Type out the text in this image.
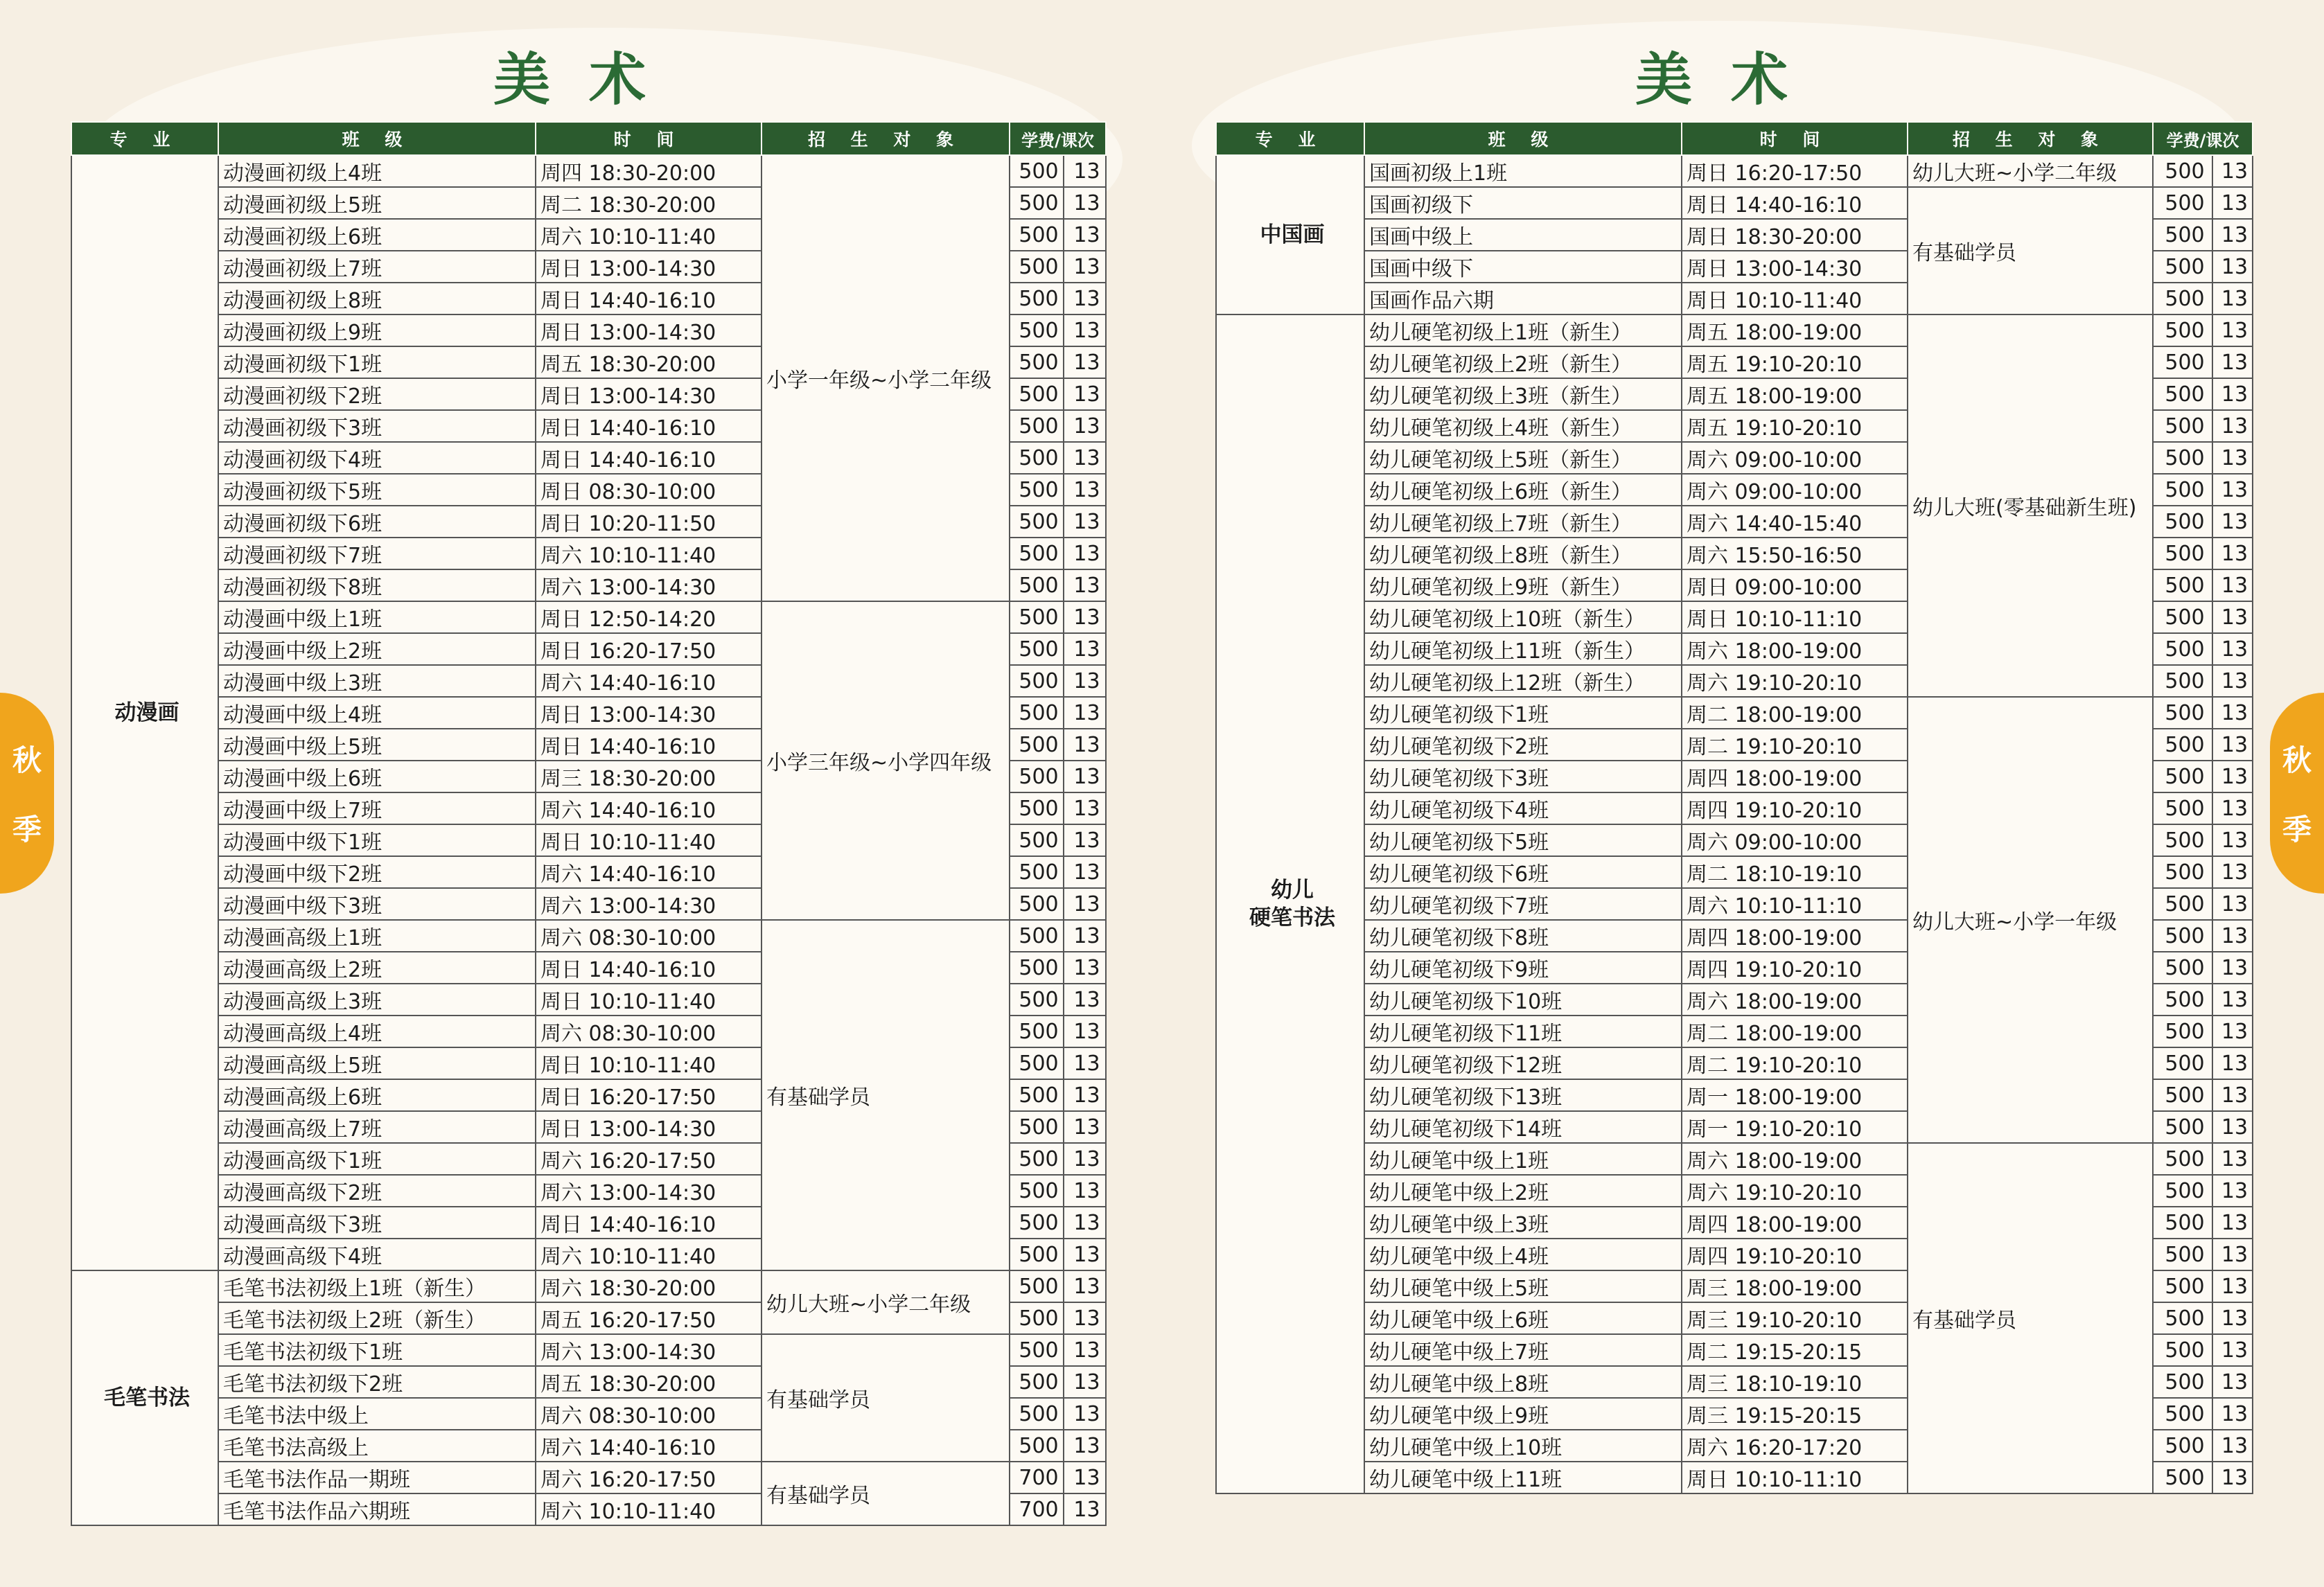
美术	美术
秋
季
秋
季
专 业	班 级	时 间	招 生 对 象	学费/课次	
动漫画	动漫画初级上4班	周四 18:30-20:00	小学一年级~小学二年级	500	13
	动漫画初级上5班	周二 18:30-20:00		500	13
	动漫画初级上6班	周六 10:10-11:40		500	13
	动漫画初级上7班	周日 13:00-14:30		500	13
	动漫画初级上8班	周日 14:40-16:10		500	13
	动漫画初级上9班	周日 13:00-14:30		500	13
	动漫画初级下1班	周五 18:30-20:00		500	13
	动漫画初级下2班	周日 13:00-14:30		500	13
	动漫画初级下3班	周日 14:40-16:10		500	13
	动漫画初级下4班	周日 14:40-16:10		500	13
	动漫画初级下5班	周日 08:30-10:00		500	13
	动漫画初级下6班	周日 10:20-11:50		500	13
	动漫画初级下7班	周六 10:10-11:40		500	13
	动漫画初级下8班	周六 13:00-14:30		500	13
	动漫画中级上1班	周日 12:50-14:20	小学三年级~小学四年级	500	13
	动漫画中级上2班	周日 16:20-17:50		500	13
	动漫画中级上3班	周六 14:40-16:10		500	13
	动漫画中级上4班	周日 13:00-14:30		500	13
	动漫画中级上5班	周日 14:40-16:10		500	13
	动漫画中级上6班	周三 18:30-20:00		500	13
	动漫画中级上7班	周六 14:40-16:10		500	13
	动漫画中级下1班	周日 10:10-11:40		500	13
	动漫画中级下2班	周六 14:40-16:10		500	13
	动漫画中级下3班	周六 13:00-14:30		500	13
	动漫画高级上1班	周六 08:30-10:00	有基础学员	500	13
	动漫画高级上2班	周日 14:40-16:10		500	13
	动漫画高级上3班	周日 10:10-11:40		500	13
	动漫画高级上4班	周六 08:30-10:00		500	13
	动漫画高级上5班	周日 10:10-11:40		500	13
	动漫画高级上6班	周日 16:20-17:50		500	13
	动漫画高级上7班	周日 13:00-14:30		500	13
	动漫画高级下1班	周六 16:20-17:50		500	13
	动漫画高级下2班	周六 13:00-14:30		500	13
	动漫画高级下3班	周日 14:40-16:10		500	13
	动漫画高级下4班	周六 10:10-11:40		500	13
毛笔书法	毛笔书法初级上1班（新生）	周六 18:30-20:00	幼儿大班~小学二年级	500	13
	毛笔书法初级上2班（新生）	周五 16:20-17:50		500	13
	毛笔书法初级下1班	周六 13:00-14:30	有基础学员	500	13
	毛笔书法初级下2班	周五 18:30-20:00		500	13
	毛笔书法中级上	周六 08:30-10:00		500	13
	毛笔书法高级上	周六 14:40-16:10		500	13
	毛笔书法作品一期班	周六 16:20-17:50	有基础学员	700	13
	毛笔书法作品六期班	周六 10:10-11:40		700	13
专 业	班 级	时 间	招 生 对 象	学费/课次	
中国画	国画初级上1班	周日 16:20-17:50	幼儿大班~小学二年级	500	13
	国画初级下	周日 14:40-16:10	有基础学员	500	13
	国画中级上	周日 18:30-20:00		500	13
	国画中级下	周日 13:00-14:30		500	13
	国画作品六期	周日 10:10-11:40		500	13
幼儿
硬笔书法	幼儿硬笔初级上1班（新生）	周五 18:00-19:00	幼儿大班(零基础新生班)	500	13
	幼儿硬笔初级上2班（新生）	周五 19:10-20:10		500	13
	幼儿硬笔初级上3班（新生）	周五 18:00-19:00		500	13
	幼儿硬笔初级上4班（新生）	周五 19:10-20:10		500	13
	幼儿硬笔初级上5班（新生）	周六 09:00-10:00		500	13
	幼儿硬笔初级上6班（新生）	周六 09:00-10:00		500	13
	幼儿硬笔初级上7班（新生）	周六 14:40-15:40		500	13
	幼儿硬笔初级上8班（新生）	周六 15:50-16:50		500	13
	幼儿硬笔初级上9班（新生）	周日 09:00-10:00		500	13
	幼儿硬笔初级上10班（新生）	周日 10:10-11:10		500	13
	幼儿硬笔初级上11班（新生）	周六 18:00-19:00		500	13
	幼儿硬笔初级上12班（新生）	周六 19:10-20:10		500	13
	幼儿硬笔初级下1班	周二 18:00-19:00	幼儿大班~小学一年级	500	13
	幼儿硬笔初级下2班	周二 19:10-20:10		500	13
	幼儿硬笔初级下3班	周四 18:00-19:00		500	13
	幼儿硬笔初级下4班	周四 19:10-20:10		500	13
	幼儿硬笔初级下5班	周六 09:00-10:00		500	13
	幼儿硬笔初级下6班	周二 18:10-19:10		500	13
	幼儿硬笔初级下7班	周六 10:10-11:10		500	13
	幼儿硬笔初级下8班	周四 18:00-19:00		500	13
	幼儿硬笔初级下9班	周四 19:10-20:10		500	13
	幼儿硬笔初级下10班	周六 18:00-19:00		500	13
	幼儿硬笔初级下11班	周二 18:00-19:00		500	13
	幼儿硬笔初级下12班	周二 19:10-20:10		500	13
	幼儿硬笔初级下13班	周一 18:00-19:00		500	13
	幼儿硬笔初级下14班	周一 19:10-20:10		500	13
	幼儿硬笔中级上1班	周六 18:00-19:00	有基础学员	500	13
	幼儿硬笔中级上2班	周六 19:10-20:10		500	13
	幼儿硬笔中级上3班	周四 18:00-19:00		500	13
	幼儿硬笔中级上4班	周四 19:10-20:10		500	13
	幼儿硬笔中级上5班	周三 18:00-19:00		500	13
	幼儿硬笔中级上6班	周三 19:10-20:10		500	13
	幼儿硬笔中级上7班	周二 19:15-20:15		500	13
	幼儿硬笔中级上8班	周三 18:10-19:10		500	13
	幼儿硬笔中级上9班	周三 19:15-20:15		500	13
	幼儿硬笔中级上10班	周六 16:20-17:20		500	13
	幼儿硬笔中级上11班	周日 10:10-11:10		500	13
